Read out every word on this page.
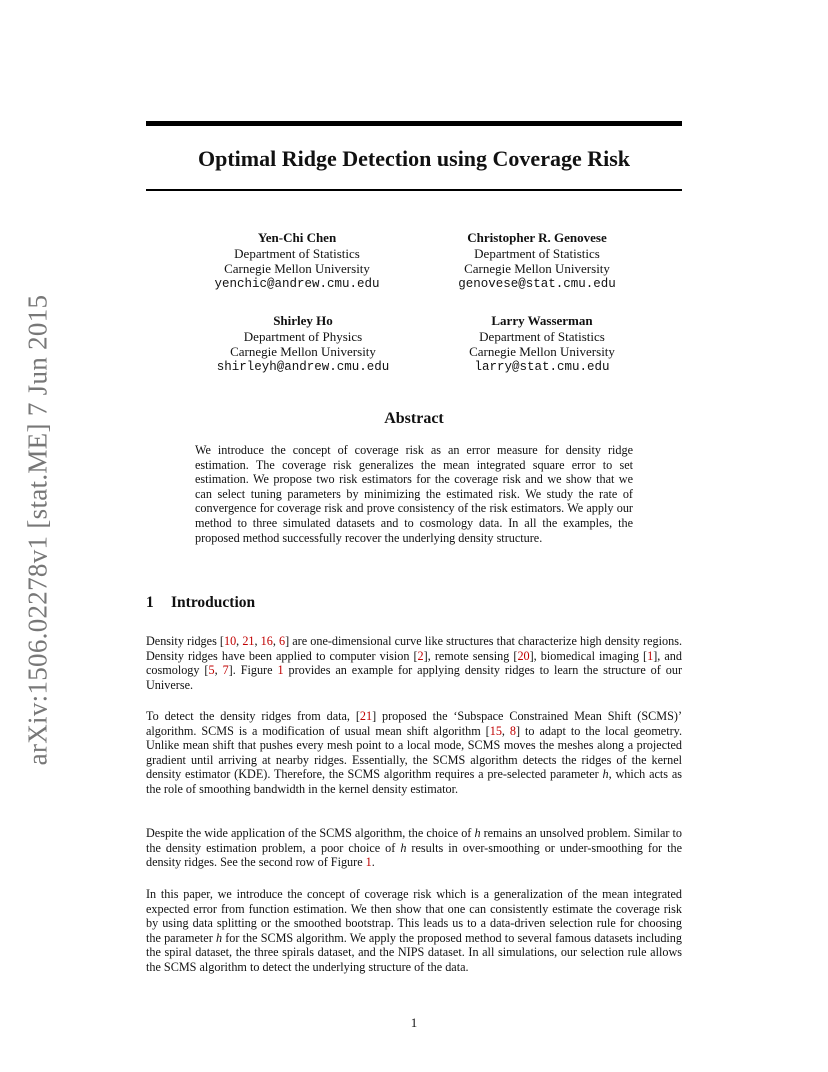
arXiv:1506.02278v1 [stat.ME] 7 Jun 2015
Optimal Ridge Detection using Coverage Risk
Yen-Chi Chen
Department of Statistics
Carnegie Mellon University
yenchic@andrew.cmu.edu
Christopher R. Genovese
Department of Statistics
Carnegie Mellon University
genovese@stat.cmu.edu
Shirley Ho
Department of Physics
Carnegie Mellon University
shirleyh@andrew.cmu.edu
Larry Wasserman
Department of Statistics
Carnegie Mellon University
larry@stat.cmu.edu
Abstract

We introduce the concept of coverage risk as an error measure for density ridge estimation. The coverage risk generalizes the mean integrated square error to set estimation. We propose two risk estimators for the coverage risk and we show that we can select tuning parameters by minimizing the estimated risk. We study the rate of convergence for coverage risk and prove consistency of the risk estimators. We apply our method to three simulated datasets and to cosmology data. In all the examples, the proposed method successfully recover the underlying density structure.

1 Introduction

Density ridges [10, 21, 16, 6] are one-dimensional curve like structures that characterize high density regions. Density ridges have been applied to computer vision [2], remote sensing [20], biomedical imaging [1], and cosmology [5, 7]. Figure 1 provides an example for applying density ridges to learn the structure of our Universe.

To detect the density ridges from data, [21] proposed the ‘Subspace Constrained Mean Shift (SCMS)’ algorithm. SCMS is a modification of usual mean shift algorithm [15, 8] to adapt to the local geometry. Unlike mean shift that pushes every mesh point to a local mode, SCMS moves the meshes along a projected gradient until arriving at nearby ridges. Essentially, the SCMS algorithm detects the ridges of the kernel density estimator (KDE). Therefore, the SCMS algorithm requires a pre-selected parameter h, which acts as the role of smoothing bandwidth in the kernel density estimator.

Despite the wide application of the SCMS algorithm, the choice of h remains an unsolved problem. Similar to the density estimation problem, a poor choice of h results in over-smoothing or under-smoothing for the density ridges. See the second row of Figure 1.

In this paper, we introduce the concept of coverage risk which is a generalization of the mean integrated expected error from function estimation. We then show that one can consistently estimate the coverage risk by using data splitting or the smoothed bootstrap. This leads us to a data-driven selection rule for choosing the parameter h for the SCMS algorithm. We apply the proposed method to several famous datasets including the spiral dataset, the three spirals dataset, and the NIPS dataset. In all simulations, our selection rule allows the SCMS algorithm to detect the underlying structure of the data.

1
